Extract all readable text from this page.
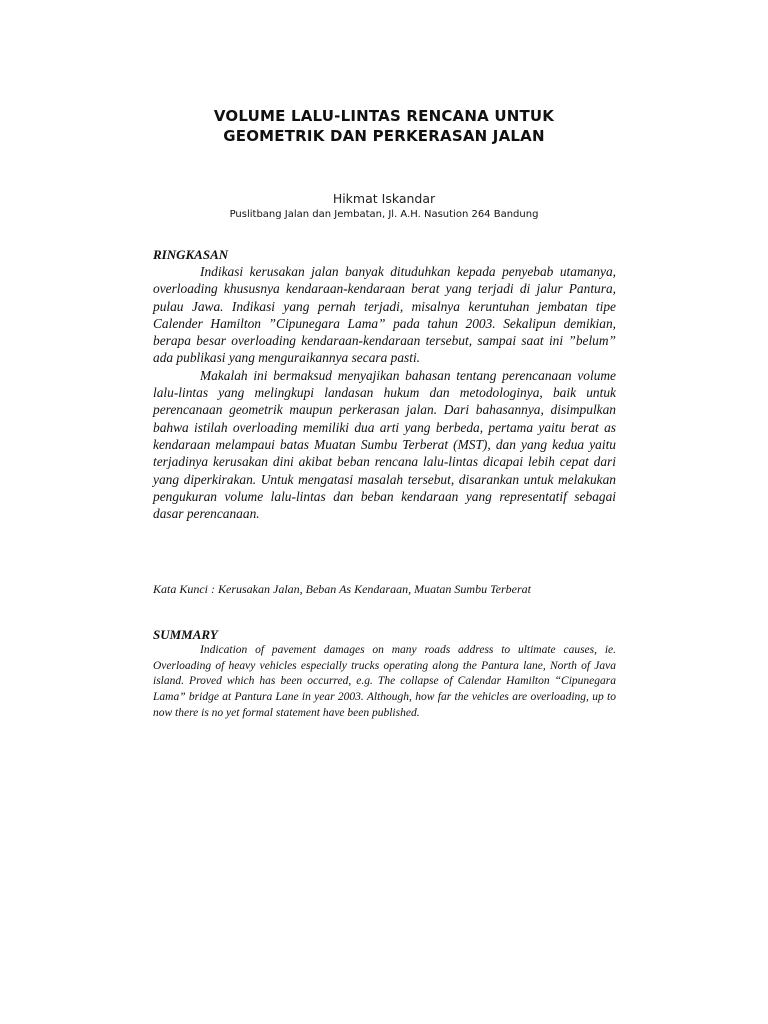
VOLUME LALU-LINTAS RENCANA UNTUK
GEOMETRIK DAN PERKERASAN JALAN
Hikmat Iskandar
Puslitbang Jalan dan Jembatan, Jl. A.H. Nasution 264 Bandung
RINGKASAN

Indikasi kerusakan jalan banyak dituduhkan kepada penyebab utamanya, overloading khususnya kendaraan-kendaraan berat yang terjadi di jalur Pantura, pulau Jawa. Indikasi yang pernah terjadi, misalnya keruntuhan jembatan tipe Calender Hamilton ”Cipunegara Lama” pada tahun 2003. Sekalipun demikian, berapa besar overloading kendaraan-kendaraan tersebut, sampai saat ini ”belum” ada publikasi yang menguraikannya secara pasti.

Makalah ini bermaksud menyajikan bahasan tentang perencanaan volume lalu-lintas yang melingkupi landasan hukum dan metodologinya, baik untuk perencanaan geometrik maupun perkerasan jalan. Dari bahasannya, disimpulkan bahwa istilah overloading memiliki dua arti yang berbeda, pertama yaitu berat as kendaraan melampaui batas Muatan Sumbu Terberat (MST), dan yang kedua yaitu terjadinya kerusakan dini akibat beban rencana lalu-lintas dicapai lebih cepat dari yang diperkirakan. Untuk mengatasi masalah tersebut, disarankan untuk melakukan pengukuran volume lalu-lintas dan beban kendaraan yang representatif sebagai dasar perencanaan.

Kata Kunci : Kerusakan Jalan, Beban As Kendaraan, Muatan Sumbu Terberat
SUMMARY

Indication of pavement damages on many roads address to ultimate causes, ie. Overloading of heavy vehicles especially trucks operating along the Pantura lane, North of Java island. Proved which has been occurred, e.g. The collapse of Calendar Hamilton “Cipunegara Lama” bridge at Pantura Lane in year 2003. Although, how far the vehicles are overloading, up to now there is no yet formal statement have been published.
